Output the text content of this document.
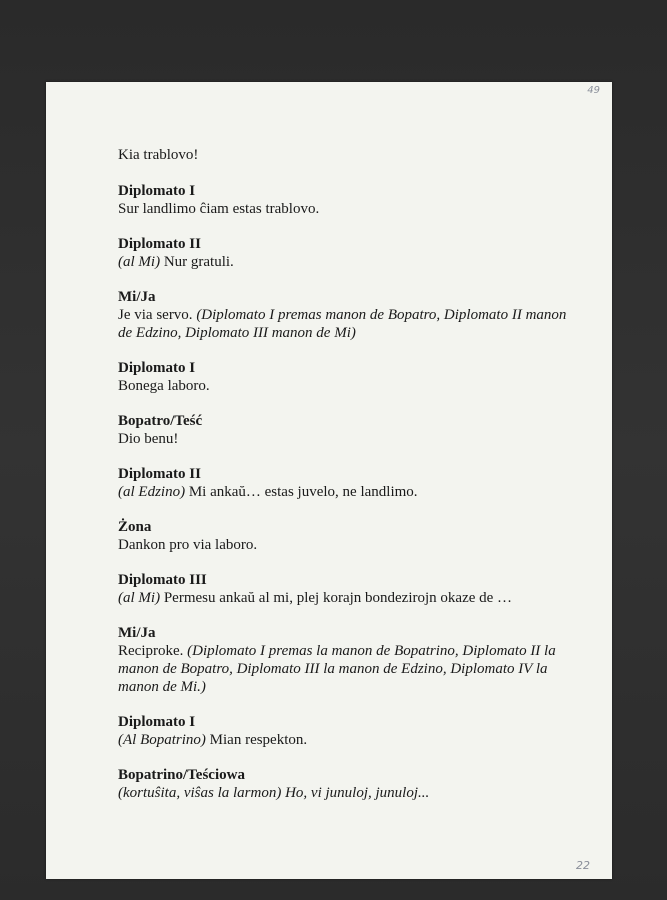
49

Kia trablovo!

Diplomato I

Sur landlimo ĉiam estas trablovo.

Diplomato II

(al Mi) Nur gratuli.

Mi/Ja

Je via servo. (Diplomato I premas manon de Bopatro, Diplomato II manon de Edzino, Diplomato III manon de Mi)

Diplomato I

Bonega laboro.

Bopatro/Teść

Dio benu!

Diplomato II

(al Edzino) Mi ankaŭ… estas juvelo, ne landlimo.

Żona

Dankon pro via laboro.

Diplomato III

(al Mi) Permesu ankaŭ al mi, plej korajn bondezirojn okaze de …

Mi/Ja

Reciproke. (Diplomato I premas la manon de Bopatrino, Diplomato II la manon de Bopatro, Diplomato III la manon de Edzino, Diplomato IV la manon de Mi.)

Diplomato I

(Al Bopatrino) Mian respekton.

Bopatrino/Teściowa

(kortuŝita, viŝas la larmon) Ho, vi junuloj, junuloj...

22
